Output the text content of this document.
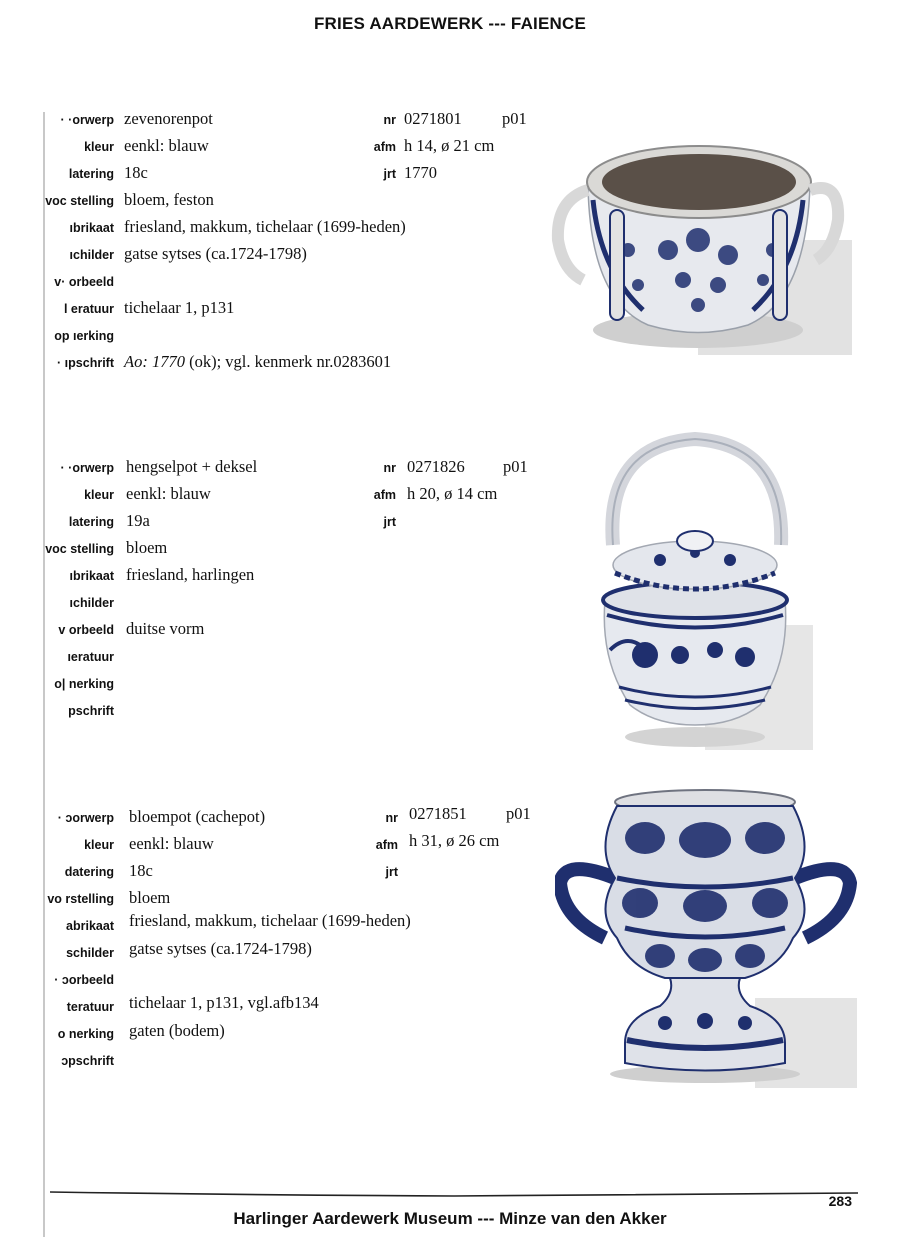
FRIES AARDEWERK --- FAIENCE
· ·orwerp
kleur
latering
voc stelling
ıbrikaat
ıchilder
v· orbeeld
l eratuur
op ıerking
· ıpschrift
zevenorenpot
eenkl: blauw
18c
bloem, feston
friesland, makkum, tichelaar (1699-heden)
gatse sytses (ca.1724-1798)
tichelaar 1, p131
Ao: 1770 (ok); vgl. kenmerk nr.0283601
nr 0271801 p01
afm h 14, ø 21 cm
jrt 1770
· ·orwerp
kleur
latering
voc stelling
ıbrikaat
ıchilder
v orbeeld
ıeratuur
o| nerking
pschrift
hengselpot + deksel
eenkl: blauw
19a
bloem
friesland, harlingen
duitse vorm
nr 0271826 p01
afm h 20, ø 14 cm
jrt
· ɔorwerp
kleur
datering
vo rstelling
abrikaat
schilder
· ɔorbeeld
teratuur
o nerking
ɔpschrift
bloempot (cachepot)
eenkl: blauw
18c
bloem
friesland, makkum, tichelaar (1699-heden)
gatse sytses (ca.1724-1798)
tichelaar 1, p131, vgl.afb134
gaten (bodem)
nr 0271851 p01
afm h 31, ø 26 cm
jrt
283
Harlinger Aardewerk Museum --- Minze van den Akker
